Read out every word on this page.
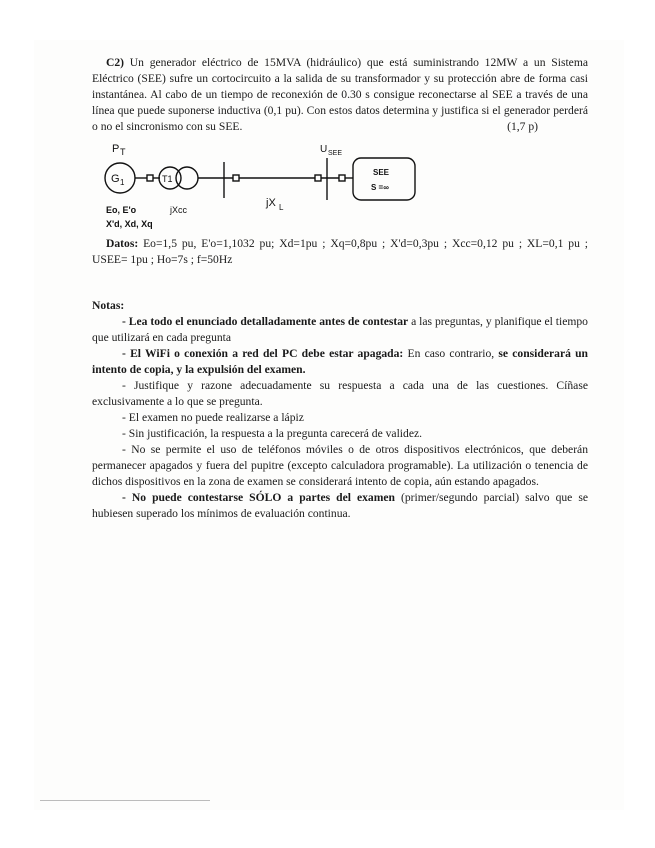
C2) Un generador eléctrico de 15MVA (hidráulico) que está suministrando 12MW a un Sistema Eléctrico (SEE) sufre un cortocircuito a la salida de su transformador y su protección abre de forma casi instantánea. Al cabo de un tiempo de reconexión de 0.30 s consigue reconectarse al SEE a través de una línea que puede suponerse inductiva (0,1 pu). Con estos datos determina y justifica si el generador perderá o no el sincronismo con su SEE.	(1,7 p)
P T
G 1	T1
Eo, E'o
X'd, Xd, Xq
jXcc
jX L
U SEE
SEE
S =∞
Datos: Eo=1,5 pu, E'o=1,1032 pu; Xd=1pu ; Xq=0,8pu ; X'd=0,3pu ; Xcc=0,12 pu ; XL=0,1 pu ; USEE= 1pu ; Ho=7s ; f=50Hz

Notas:

- Lea todo el enunciado detalladamente antes de contestar a las preguntas, y planifique el tiempo que utilizará en cada pregunta

- El WiFi o conexión a red del PC debe estar apagada: En caso contrario, se considerará un intento de copia, y la expulsión del examen.

- Justifique y razone adecuadamente su respuesta a cada una de las cuestiones. Cíñase exclusivamente a lo que se pregunta.

- El examen no puede realizarse a lápiz

- Sin justificación, la respuesta a la pregunta carecerá de validez.

- No se permite el uso de teléfonos móviles o de otros dispositivos electrónicos, que deberán permanecer apagados y fuera del pupitre (excepto calculadora programable). La utilización o tenencia de dichos dispositivos en la zona de examen se considerará intento de copia, aún estando apagados.

- No puede contestarse SÓLO a partes del examen (primer/segundo parcial) salvo que se hubiesen superado los mínimos de evaluación continua.
